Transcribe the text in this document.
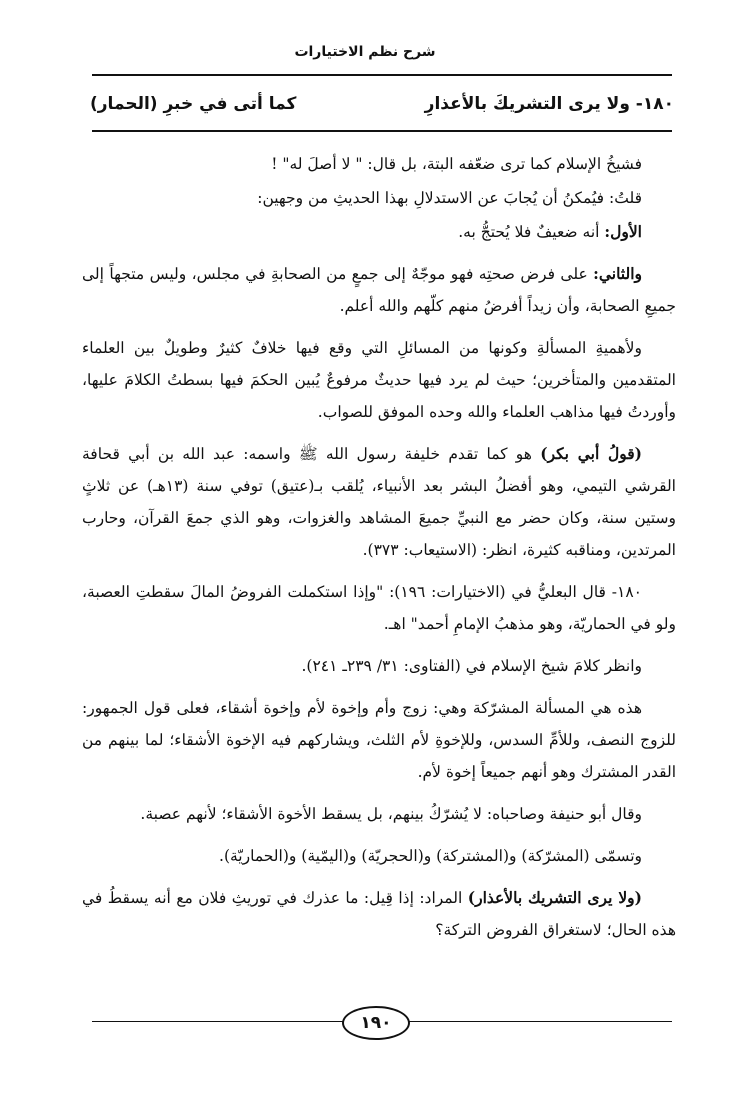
شرح نظم الاختيارات
١٨٠- ولا يرى التشريكَ بالأعذارِ
كما أتى في خبرِ (الحمار)

فشيخُ الإسلام كما ترى ضعّفه البتة، بل قال: " لا أصلَ له" !

قلتُ: فيُمكنُ أن يُجابَ عن الاستدلالِ بهذا الحديثِ من وجهين:

الأول: أنه ضعيفٌ فلا يُحتجُّ به.

والثاني: على فرض صحتِه فهو موجّهٌ إلى جمعٍ من الصحابةِ في مجلس، وليس متجهاً إلى جميعِ الصحابة، وأن زيداً أفرضُ منهم كلّهم والله أعلم.

ولأهميةِ المسألةِ وكونها من المسائلِ التي وقع فيها خلافٌ كثيرٌ وطويلٌ بين العلماء المتقدمين والمتأخرين؛ حيث لم يرد فيها حديثٌ مرفوعٌ يُبين الحكمَ فيها بسطتُ الكلامَ عليها، وأوردتُ فيها مذاهب العلماء والله وحده الموفق للصواب.

(قولُ أبي بكر) هو كما تقدم خليفة رسول الله ﷺ واسمه: عبد الله بن أبي قحافة القرشي التيمي، وهو أفضلُ البشر بعد الأنبياء، يُلقب بـ(عتيق) توفي سنة (١٣هـ) عن ثلاثٍ وستين سنة، وكان حضر مع النبيِّ جميعَ المشاهد والغزوات، وهو الذي جمعَ القرآن، وحارب المرتدين، ومناقبه كثيرة، انظر: (الاستيعاب: ٣٧٣).

١٨٠- قال البعليُّ في (الاختيارات: ١٩٦): "وإذا استكملت الفروضُ المالَ سقطتِ العصبة، ولو في الحماريّة، وهو مذهبُ الإمامِ أحمد" اهـ.

وانظر كلامَ شيخ الإسلام في (الفتاوى: ٣١/ ٢٣٩ـ ٢٤١).

هذه هي المسألة المشرّكة وهي: زوج وأم وإخوة لأم وإخوة أشقاء، فعلى قول الجمهور: للزوج النصف، وللأمِّ السدس، وللإخوةِ لأم الثلث، ويشاركهم فيه الإخوة الأشقاء؛ لما بينهم من القدر المشترك وهو أنهم جميعاً إخوة لأم.

وقال أبو حنيفة وصاحباه: لا يُشرّكُ بينهم، بل يسقط الأخوة الأشقاء؛ لأنهم عصبة.

وتسمّى (المشرّكة) و(المشتركة) و(الحجريّة) و(اليمّية) و(الحماريّة).

(ولا يرى التشريك بالأعذار) المراد: إذا قِيل: ما عذرك في توريثِ فلان مع أنه يسقطُ في هذه الحال؛ لاستغراق الفروض التركة؟

١٩٠
